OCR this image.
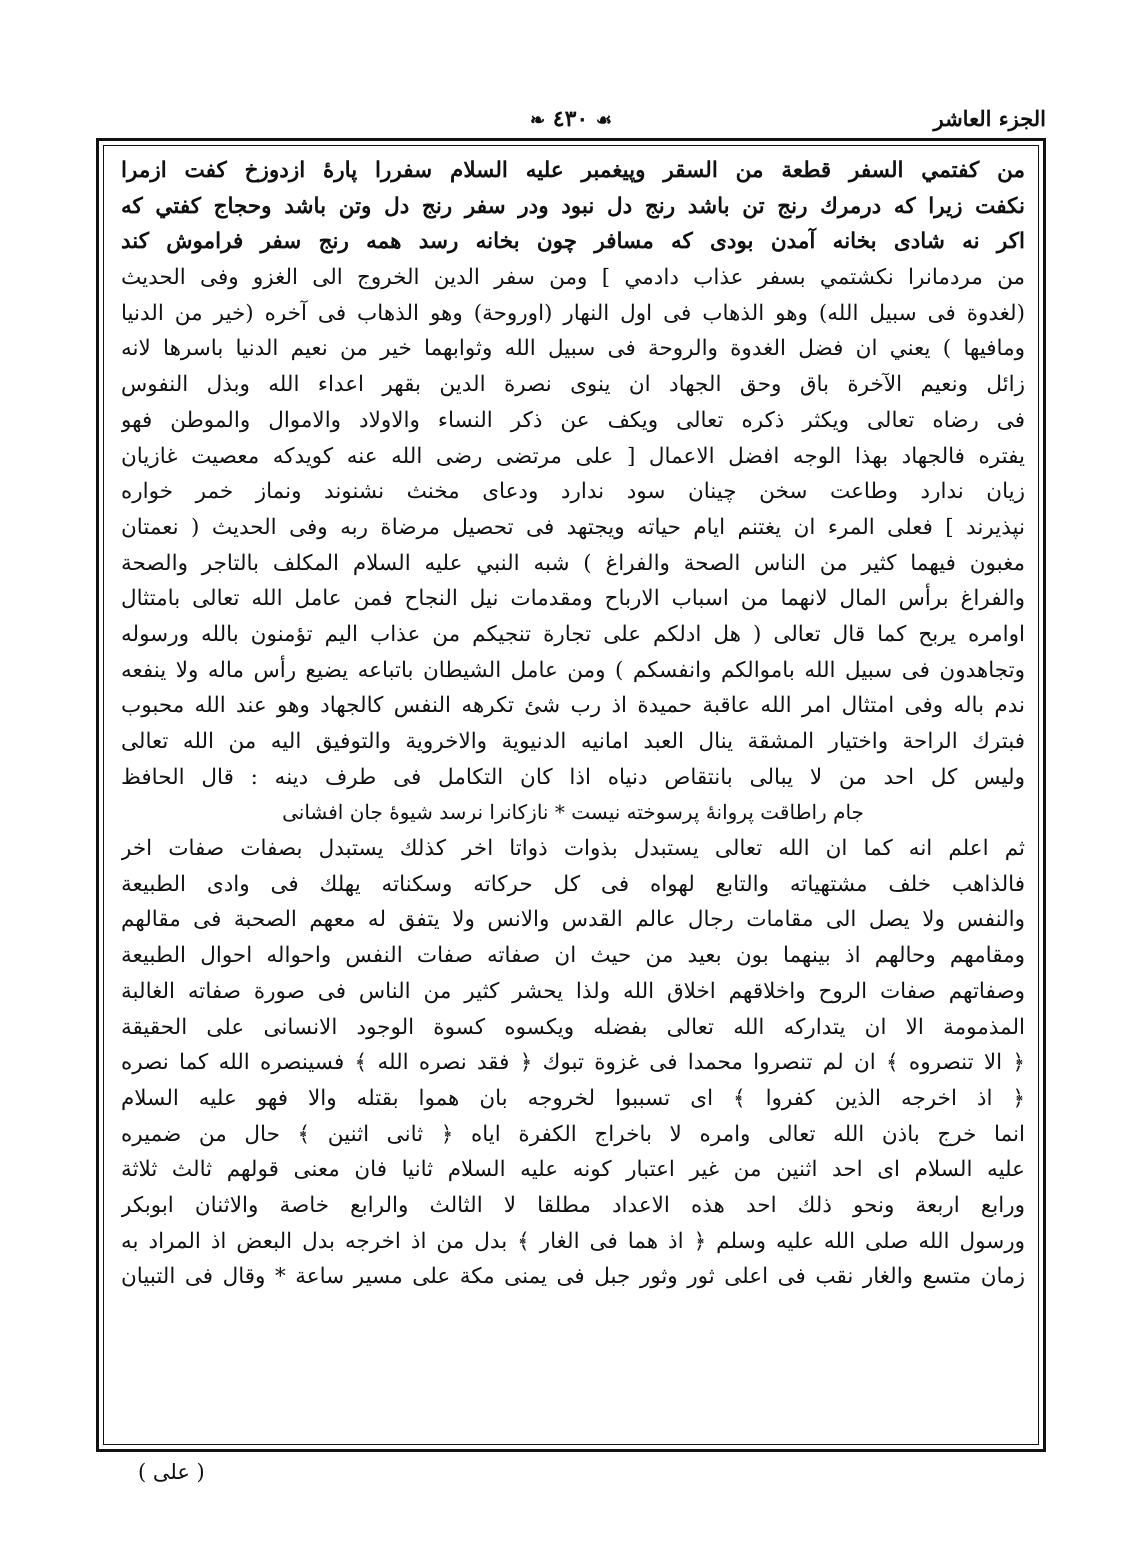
الجزء العاشر
❧ ٤٣٠ ☙
من كفتمي السفر قطعة من السقر وپيغمبر عليه السلام سفررا پارهٔ ازدوزخ كفت ازمرا
نكفت زيرا كه درمرك رنج تن باشد رنج دل نبود ودر سفر رنج دل وتن باشد وحجاج كفتي كه
اكر نه شادی بخانه آمدن بودی که مسافر چون بخانه رسد همه رنج سفر فراموش کند
من مردمانرا نكشتمي بسفر عذاب دادمي ] ومن سفر الدين الخروج الى الغزو وفى الحديث
(لغدوة فى سبيل الله) وهو الذهاب فى اول النهار (اوروحة) وهو الذهاب فى آخره (خير من الدنيا
ومافيها ) يعني ان فضل الغدوة والروحة فى سبيل الله وثوابهما خير من نعيم الدنيا باسرها لانه
زائل ونعيم الآخرة باق وحق الجهاد ان ينوى نصرة الدين بقهر اعداء الله وبذل النفوس
فى رضاه تعالى ويكثر ذكره تعالى ويكف عن ذكر النساء والاولاد والاموال والموطن فهو
يفتره فالجهاد بهذا الوجه افضل الاعمال [ على مرتضى رضى الله عنه كويدكه معصيت غازيان
زيان ندارد وطاعت سخن چينان سود ندارد ودعاى مخنث نشنوند ونماز خمر خواره
نپذيرند ] فعلى المرء ان يغتنم ايام حياته ويجتهد فى تحصيل مرضاة ربه وفى الحديث ( نعمتان
مغبون فيهما كثير من الناس الصحة والفراغ ) شبه النبي عليه السلام المكلف بالتاجر والصحة
والفراغ برأس المال لانهما من اسباب الارباح ومقدمات نيل النجاح فمن عامل الله تعالى بامتثال
اوامره يربح كما قال تعالى ( هل ادلكم على تجارة تنجيكم من عذاب اليم تؤمنون بالله ورسوله
وتجاهدون فى سبيل الله باموالكم وانفسكم ) ومن عامل الشيطان باتباعه يضيع رأس ماله ولا ينفعه
ندم باله وفى امتثال امر الله عاقبة حميدة اذ رب شئ تكرهه النفس كالجهاد وهو عند الله محبوب
فبترك الراحة واختيار المشقة ينال العبد امانيه الدنيوية والاخروية والتوفيق اليه من الله تعالى
وليس كل احد من لا يبالى بانتقاص دنياه اذا كان التكامل فى طرف دينه : قال الحافظ
جام راطاقت پروانهٔ پرسوخته نيست * نازكانرا نرسد شيوهٔ جان افشانى
ثم اعلم انه كما ان الله تعالى يستبدل بذوات ذواتا اخر كذلك يستبدل بصفات صفات اخر
فالذاهب خلف مشتهياته والتابع لهواه فى كل حركاته وسكناته يهلك فى وادى الطبيعة
والنفس ولا يصل الى مقامات رجال عالم القدس والانس ولا يتفق له معهم الصحبة فى مقالهم
ومقامهم وحالهم اذ بينهما بون بعيد من حيث ان صفاته صفات النفس واحواله احوال الطبيعة
وصفاتهم صفات الروح واخلاقهم اخلاق الله ولذا يحشر كثير من الناس فى صورة صفاته الغالبة
المذمومة الا ان يتداركه الله تعالى بفضله ويكسوه كسوة الوجود الانسانى على الحقيقة
﴿ الا تنصروه ﴾ ان لم تنصروا محمدا فى غزوة تبوك ﴿ فقد نصره الله ﴾ فسينصره الله كما نصره
﴿ اذ اخرجه الذين كفروا ﴾ اى تسببوا لخروجه بان هموا بقتله والا فهو عليه السلام
انما خرج باذن الله تعالى وامره لا باخراج الكفرة اياه ﴿ ثانى اثنين ﴾ حال من ضميره
عليه السلام اى احد اثنين من غير اعتبار كونه عليه السلام ثانيا فان معنى قولهم ثالث ثلاثة
ورابع اربعة ونحو ذلك احد هذه الاعداد مطلقا لا الثالث والرابع خاصة والاثنان ابوبكر
ورسول الله صلى الله عليه وسلم ﴿ اذ هما فى الغار ﴾ بدل من اذ اخرجه بدل البعض اذ المراد به
زمان متسع والغار نقب فى اعلى ثور وثور جبل فى يمنى مكة على مسير ساعة * وقال فى التبيان
( على )
